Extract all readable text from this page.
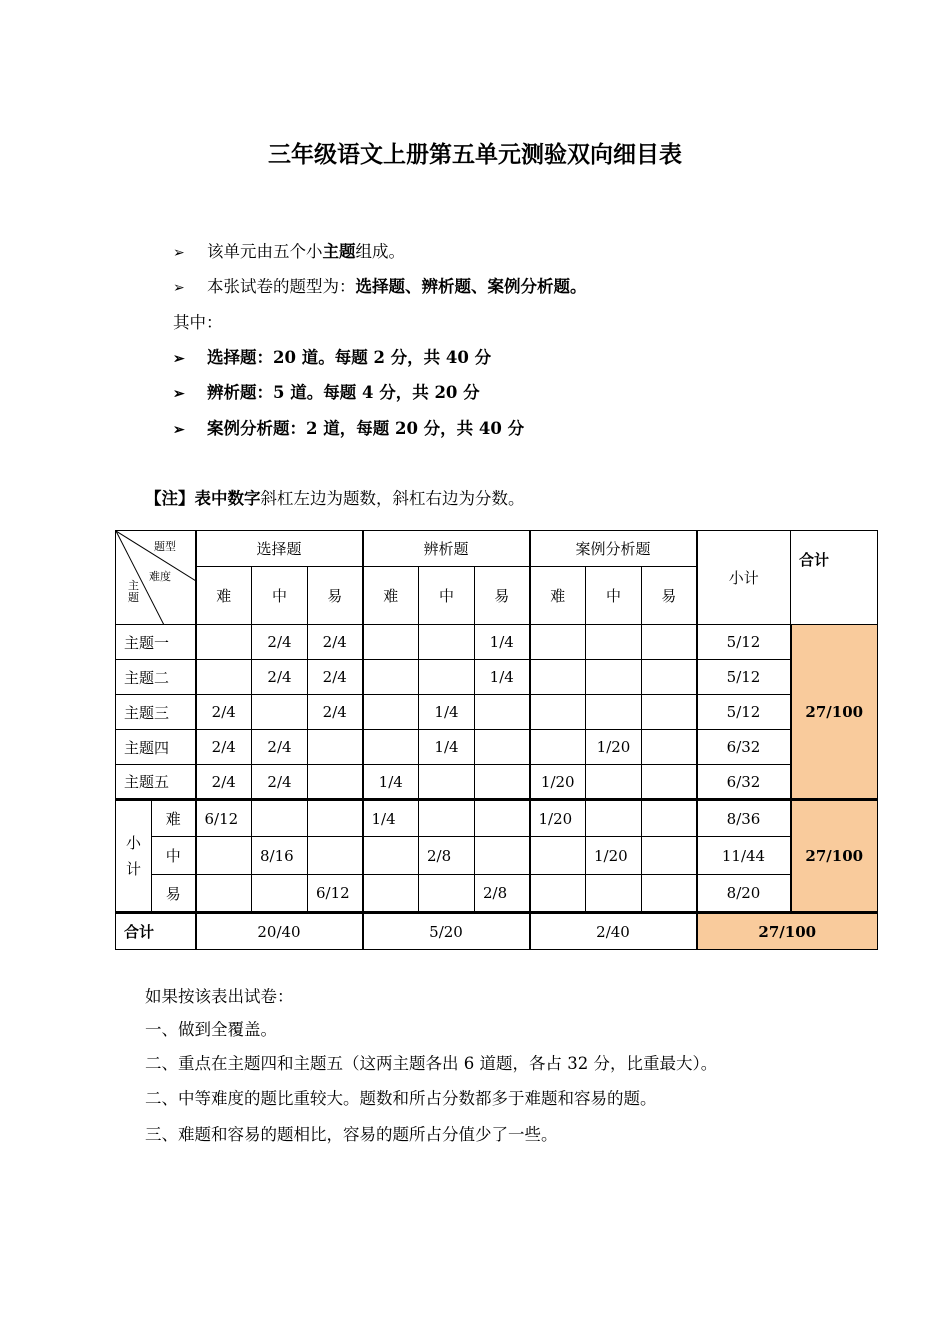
三年级语文上册第五单元测验双向细目表
➢ 该单元由五个小主题组成。
➢ 本张试卷的题型为：选择题、辨析题、案例分析题。
其中：
➢ 选择题：20 道。每题 2 分，共 40 分
➢ 辨析题：5 道。每题 4 分，共 20 分
➢ 案例分析题：2 道，每题 20 分，共 40 分
【注】表中数字斜杠左边为题数，斜杠右边为分数。
题型
难度
主
题		选择题			辨析题			案例分析题			小计	合计
		难	中	易	难	中	易	难	中	易		
主题一			2/4	2/4			1/4				5/12	27/100
主题二			2/4	2/4			1/4				5/12	
主题三		2/4		2/4		1/4					5/12	
主题四		2/4	2/4			1/4			1/20		6/32	
主题五		2/4	2/4		1/4			1/20			6/32	
小

计	难	6/12			1/4			1/20			8/36	27/100
	中		8/16			2/8			1/20		11/44	
	易			6/12			2/8				8/20	
合计		20/40			5/20			2/40			27/100	
如果按该表出试卷：
一、做到全覆盖。
二、重点在主题四和主题五（这两主题各出 6 道题，各占 32 分，比重最大）。
二、中等难度的题比重较大。题数和所占分数都多于难题和容易的题。
三、难题和容易的题相比，容易的题所占分值少了一些。
